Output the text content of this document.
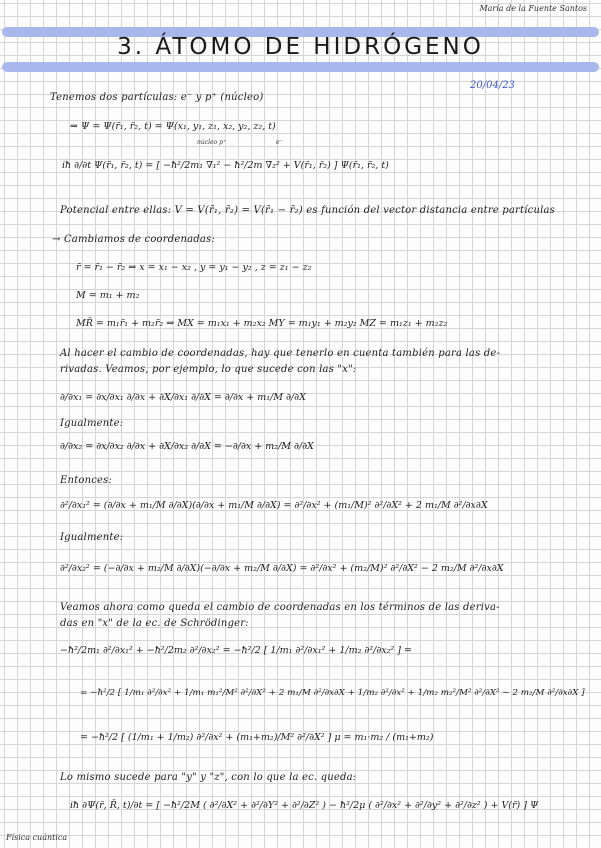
María de la Fuente Santos
3. ÁTOMO DE HIDRÓGENO
20/04/23
Tenemos dos partículas: e⁻ y p⁺ (núcleo)
⇒ Ψ = Ψ(r̄₁, r̄₂, t) = Ψ(x₁, y₁, z₁, x₂, y₂, z₂, t)
núcleo p⁺	e⁻
iħ ∂/∂t Ψ(r̄₁, r̄₂, t) = [ −ħ²/2m₁ ∇̄₁² − ħ²/2m ∇̄₂² + V(r̄₁, r̄₂) ] Ψ(r̄₁, r̄₂, t)
Potencial entre ellas: V = V(r̄₁, r̄₂) = V(r̄₁ − r̄₂) es función del vector distancia entre partículas
→ Cambiamos de coordenadas:
r̄ = r̄₁ − r̄₂ ⇒ x = x₁ − x₂ , y = y₁ − y₂ , z = z₁ − z₂
M = m₁ + m₂
MR̄ = m₁r̄₁ + m₂r̄₂ ⇒ MX = m₁x₁ + m₂x₂ MY = m₁y₁ + m₂y₂ MZ = m₁z₁ + m₂z₂
Al hacer el cambio de coordenadas, hay que tenerlo en cuenta también para las de-
rivadas. Veamos, por ejemplo, lo que sucede con las "x":
∂/∂x₁ = ∂x/∂x₁ ∂/∂x + ∂X/∂x₁ ∂/∂X = ∂/∂x + m₁/M ∂/∂X
Igualmente:
∂/∂x₂ = ∂x/∂x₂ ∂/∂x + ∂X/∂x₂ ∂/∂X = −∂/∂x + m₂/M ∂/∂X
Entonces:
∂²/∂x₁² = (∂/∂x + m₁/M ∂/∂X)(∂/∂x + m₁/M ∂/∂X) = ∂²/∂x² + (m₁/M)² ∂²/∂X² + 2 m₁/M ∂²/∂x∂X
Igualmente:
∂²/∂x₂² = (−∂/∂x + m₂/M ∂/∂X)(−∂/∂x + m₂/M ∂/∂X) = ∂²/∂x² + (m₂/M)² ∂²/∂X² − 2 m₂/M ∂²/∂x∂X
Veamos ahora como queda el cambio de coordenadas en los términos de las deriva-
das en "x" de la ec. de Schrödinger:
−ħ²/2m₁ ∂²/∂x₁² + −ħ²/2m₂ ∂²/∂x₂² = −ħ²/2 [ 1/m₁ ∂²/∂x₁² + 1/m₂ ∂²/∂x₂² ] =
= −ħ²/2 [ 1/m₁ ∂²/∂x² + 1/m₁ m₁²/M² ∂²/∂X² + 2 m₁/M ∂²/∂x∂X + 1/m₂ ∂²/∂x² + 1/m₂ m₂²/M² ∂²/∂X² − 2 m₂/M ∂²/∂x∂X ]
= −ħ²/2 [ (1/m₁ + 1/m₂) ∂²/∂x² + (m₁+m₂)/M² ∂²/∂X² ] μ = m₁·m₂ / (m₁+m₂)
Lo mismo sucede para "y" y "z", con lo que la ec. queda:
iħ ∂Ψ(r̄, R̄, t)/∂t = [ −ħ²/2M ( ∂²/∂X² + ∂²/∂Y² + ∂²/∂Z² ) − ħ²/2μ ( ∂²/∂x² + ∂²/∂y² + ∂²/∂z² ) + V(r̄) ] Ψ
Física cuántica
